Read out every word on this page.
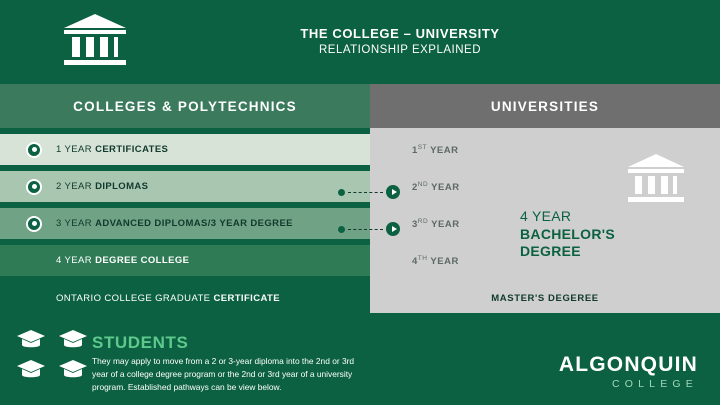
THE COLLEGE – UNIVERSITY
RELATIONSHIP EXPLAINED
COLLEGES & POLYTECHNICS	UNIVERSITIES
1 YEAR CERTIFICATES
2 YEAR DIPLOMAS
3 YEAR ADVANCED DIPLOMAS/3 YEAR DEGREE
4 YEAR DEGREE COLLEGE
ONTARIO COLLEGE GRADUATE CERTIFICATE
1ST YEAR
2ND YEAR
3RD YEAR
4TH YEAR
4 YEAR
BACHELOR'S
DEGREE
MASTER'S DEGEREE
STUDENTS
They may apply to move from a 2 or 3-year diploma into the 2nd or 3rd year of a college degree program or the 2nd or 3rd year of a university program. Established pathways can be view below.
ALGONQUIN
COLLEGE
